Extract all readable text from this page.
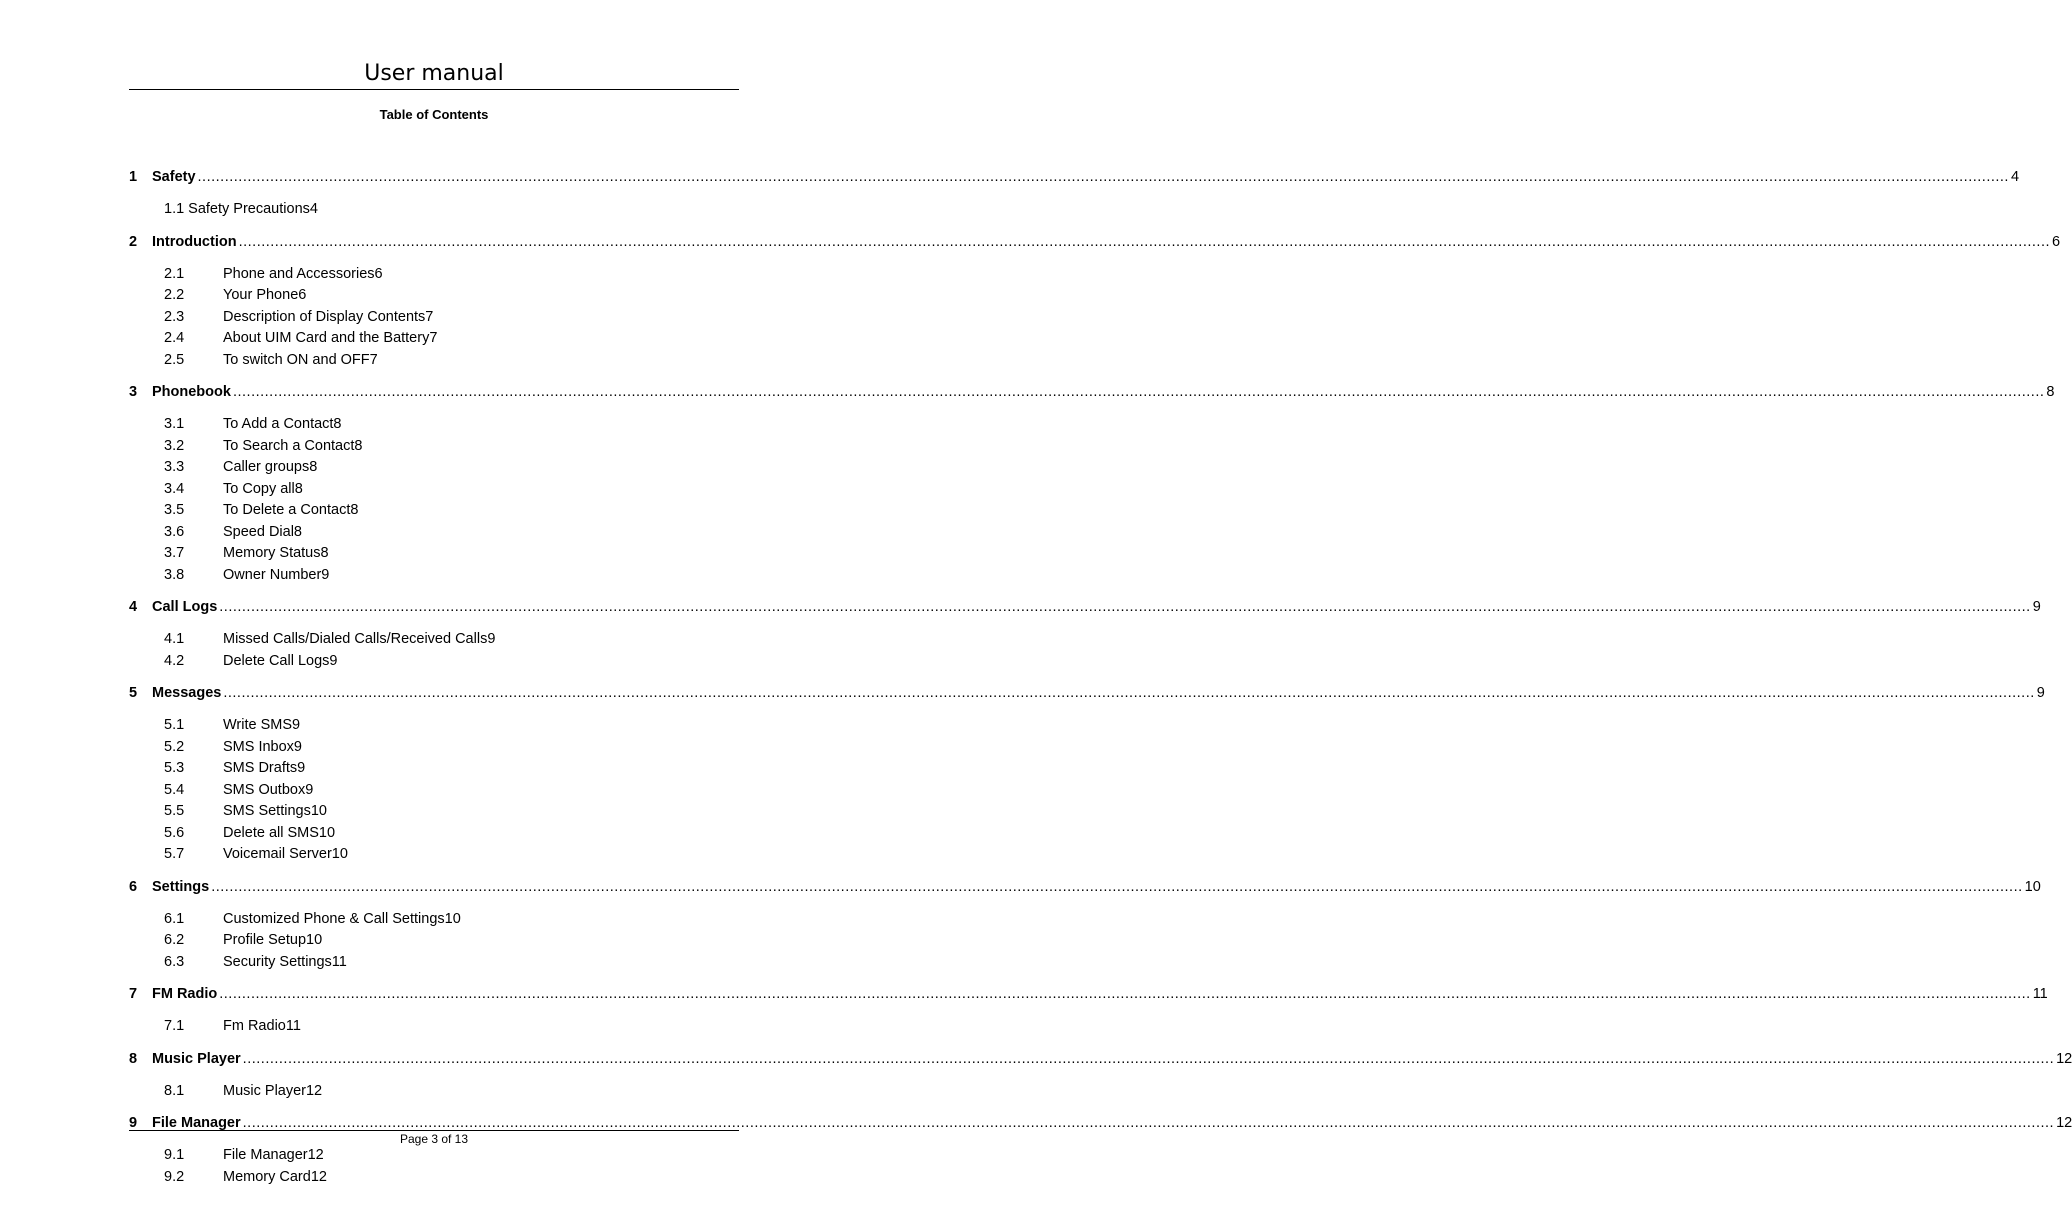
User manual
Table of Contents
1	Safety ................................................................................................................................................................................................................................................................................................................................................................................................................ 4
1.1 Safety Precautions4
2	Introduction ................................................................................................................................................................................................................................................................................................................................................................................................................ 6
2.1	Phone and Accessories6
2.2	Your Phone6
2.3	Description of Display Contents7
2.4	About UIM Card and the Battery7
2.5	To switch ON and OFF7
3	Phonebook ................................................................................................................................................................................................................................................................................................................................................................................................................ 8
3.1	To Add a Contact8
3.2	To Search a Contact8
3.3	Caller groups8
3.4	To Copy all8
3.5	To Delete a Contact8
3.6	Speed Dial8
3.7	Memory Status8
3.8	Owner Number9
4	Call Logs ................................................................................................................................................................................................................................................................................................................................................................................................................ 9
4.1	Missed Calls/Dialed Calls/Received Calls9
4.2	Delete Call Logs9
5	Messages ................................................................................................................................................................................................................................................................................................................................................................................................................ 9
5.1	Write SMS9
5.2	SMS Inbox9
5.3	SMS Drafts9
5.4	SMS Outbox9
5.5	SMS Settings10
5.6	Delete all SMS10
5.7	Voicemail Server10
6	Settings ................................................................................................................................................................................................................................................................................................................................................................................................................ 10
6.1	Customized Phone & Call Settings10
6.2	Profile Setup10
6.3	Security Settings11
7	FM Radio ................................................................................................................................................................................................................................................................................................................................................................................................................ 11
7.1	Fm Radio11
8	Music Player ................................................................................................................................................................................................................................................................................................................................................................................................................ 12
8.1	Music Player12
9	File Manager ................................................................................................................................................................................................................................................................................................................................................................................................................ 12
9.1	File Manager12
9.2	Memory Card12
Page 3 of 13
